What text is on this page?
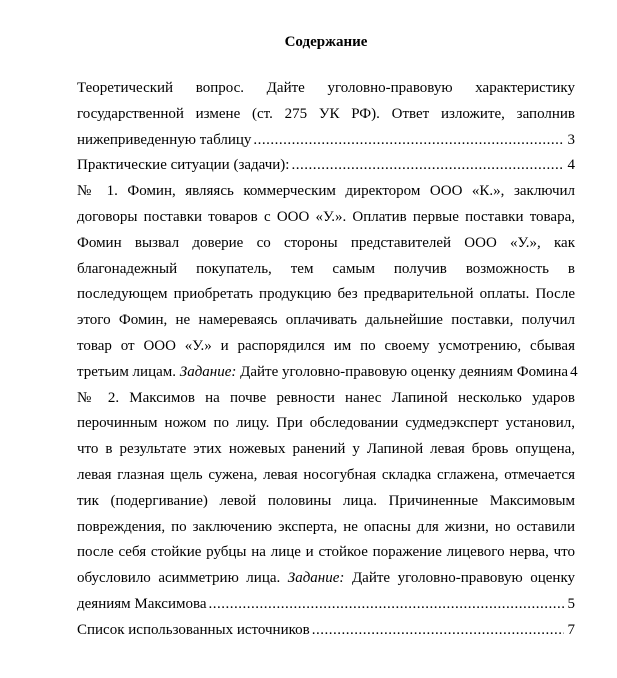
Содержание
Теоретический вопрос. Дайте уголовно-правовую характеристику государственной измене (ст. 275 УК РФ). Ответ изложите, заполнив
нижеприведенную таблицу .....	3
Практические ситуации (задачи): .....	4
№ 1. Фомин, являясь коммерческим директором ООО «К.», заключил договоры поставки товаров с ООО «У.». Оплатив первые поставки товара, Фомин вызвал доверие со стороны представителей ООО «У.», как благонадежный покупатель, тем самым получив возможность в последующем приобретать продукцию без предварительной оплаты. После этого Фомин, не намереваясь оплачивать дальнейшие поставки, получил товар от ООО «У.» и распорядился им по своему усмотрению, сбывая
третьим лицам. Задание: Дайте уголовно-правовую оценку деяниям Фомина 4
№ 2. Максимов на почве ревности нанес Лапиной несколько ударов перочинным ножом по лицу. При обследовании судмедэксперт установил, что в результате этих ножевых ранений у Лапиной левая бровь опущена, левая глазная щель сужена, левая носогубная складка сглажена, отмечается тик (подергивание) левой половины лица. Причиненные Максимовым повреждения, по заключению эксперта, не опасны для жизни, но оставили после себя стойкие рубцы на лице и стойкое поражение лицевого нерва, что обусловило асимметрию лица. Задание: Дайте уголовно-правовую оценку
деяниям Максимова .....	5
Список использованных источников .....	7
